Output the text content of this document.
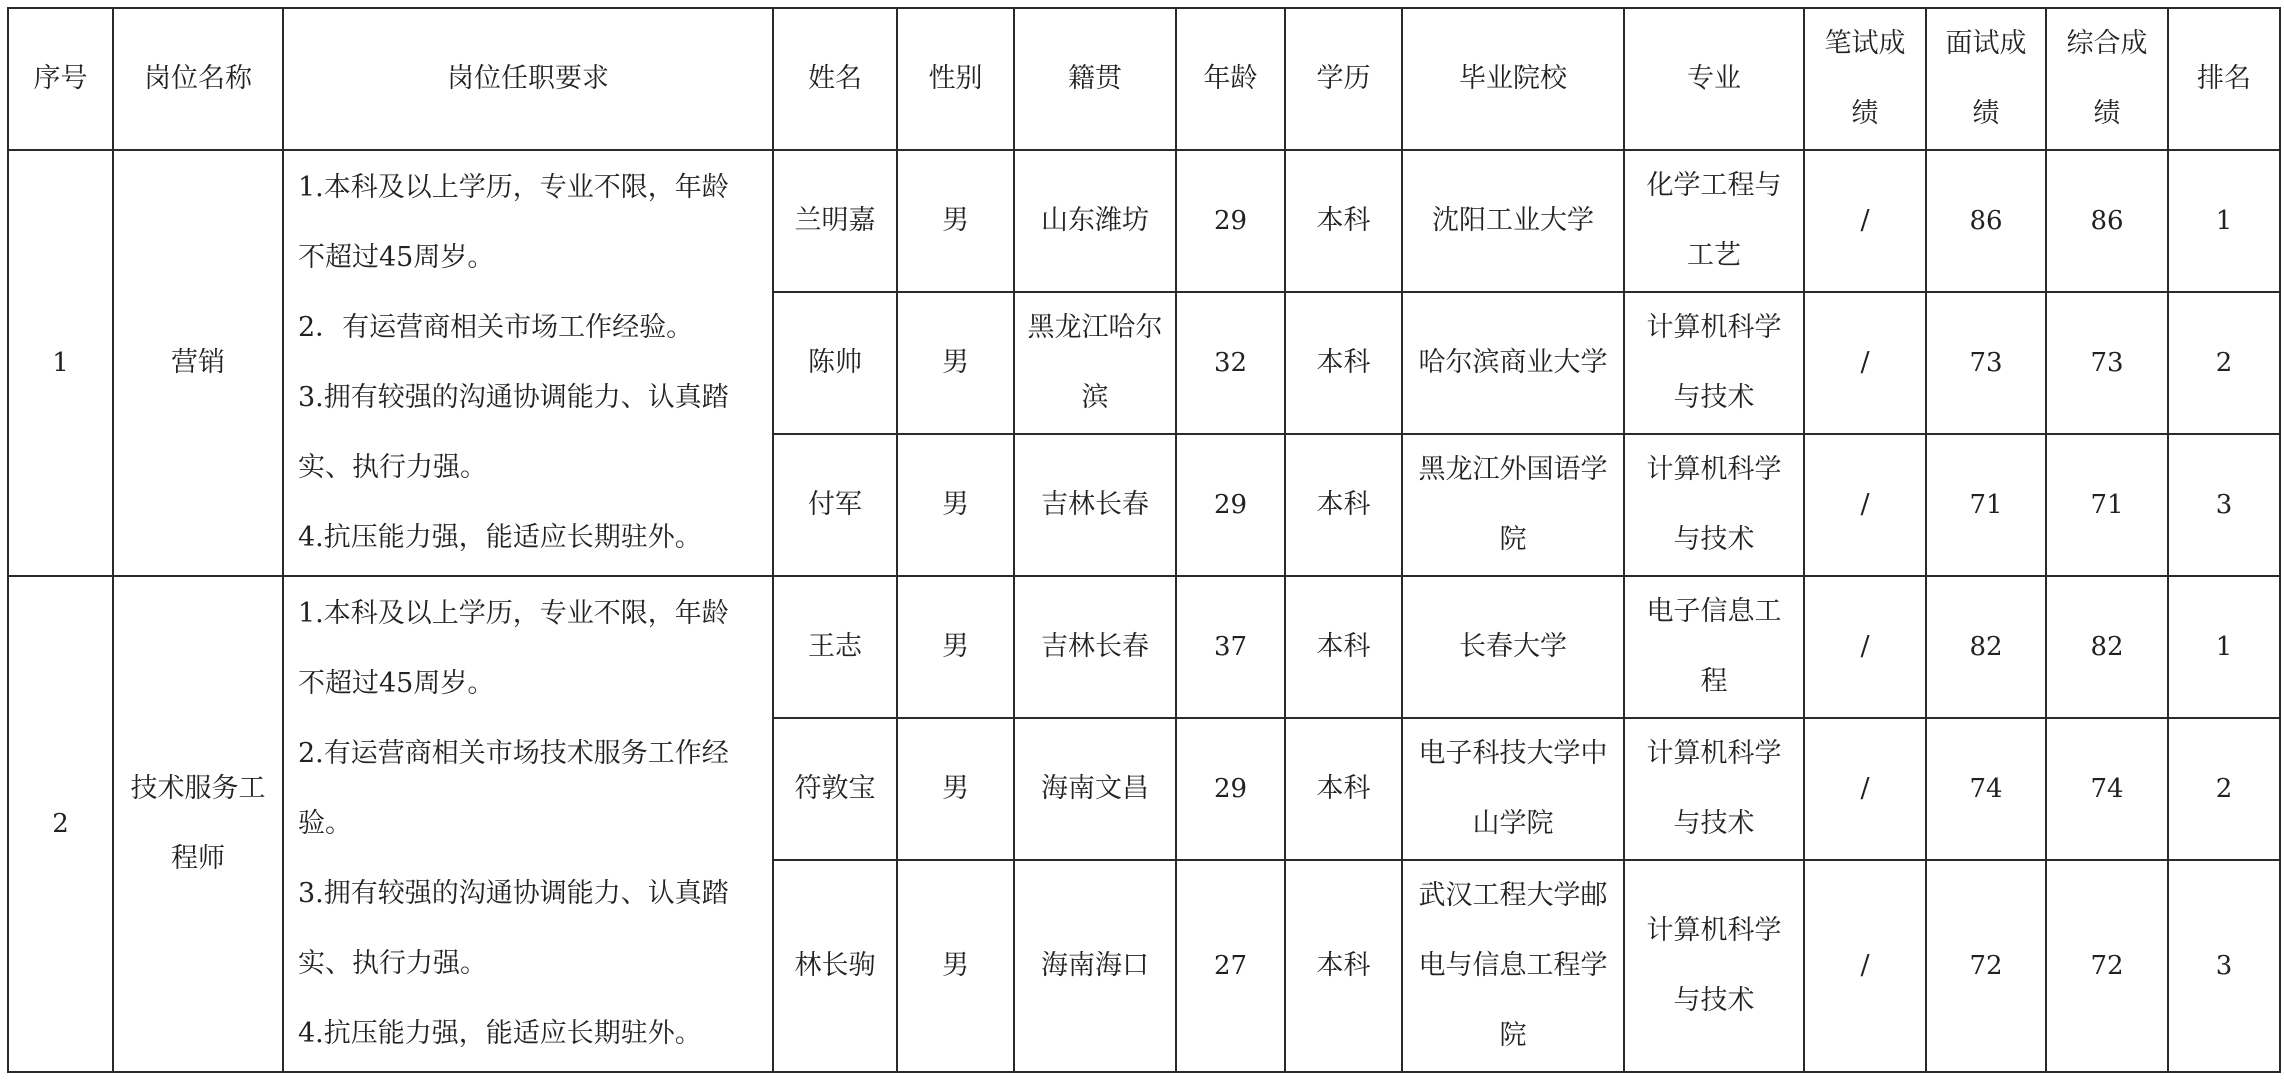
序号	岗位名称	岗位任职要求	姓名	性别	籍贯	年龄	学历	毕业院校	专业	笔试成绩	面试成绩	综合成绩	排名
1	营销	1.本科及以上学历，专业不限，年龄不超过45周岁。
2．有运营商相关市场工作经验。
3.拥有较强的沟通协调能力、认真踏实、执行力强。
4.抗压能力强，能适应长期驻外。	兰明嘉	男	山东潍坊	29	本科	沈阳工业大学	化学工程与工艺	/	86	86	1
			陈帅	男	黑龙江哈尔滨	32	本科	哈尔滨商业大学	计算机科学与技术	/	73	73	2
			付军	男	吉林长春	29	本科	黑龙江外国语学院	计算机科学与技术	/	71	71	3
2	技术服务工程师	1.本科及以上学历，专业不限，年龄不超过45周岁。
2.有运营商相关市场技术服务工作经验。
3.拥有较强的沟通协调能力、认真踏实、执行力强。
4.抗压能力强，能适应长期驻外。	王志	男	吉林长春	37	本科	长春大学	电子信息工程	/	82	82	1
			符敦宝	男	海南文昌	29	本科	电子科技大学中山学院	计算机科学与技术	/	74	74	2
			林长驹	男	海南海口	27	本科	武汉工程大学邮电与信息工程学院	计算机科学与技术	/	72	72	3
